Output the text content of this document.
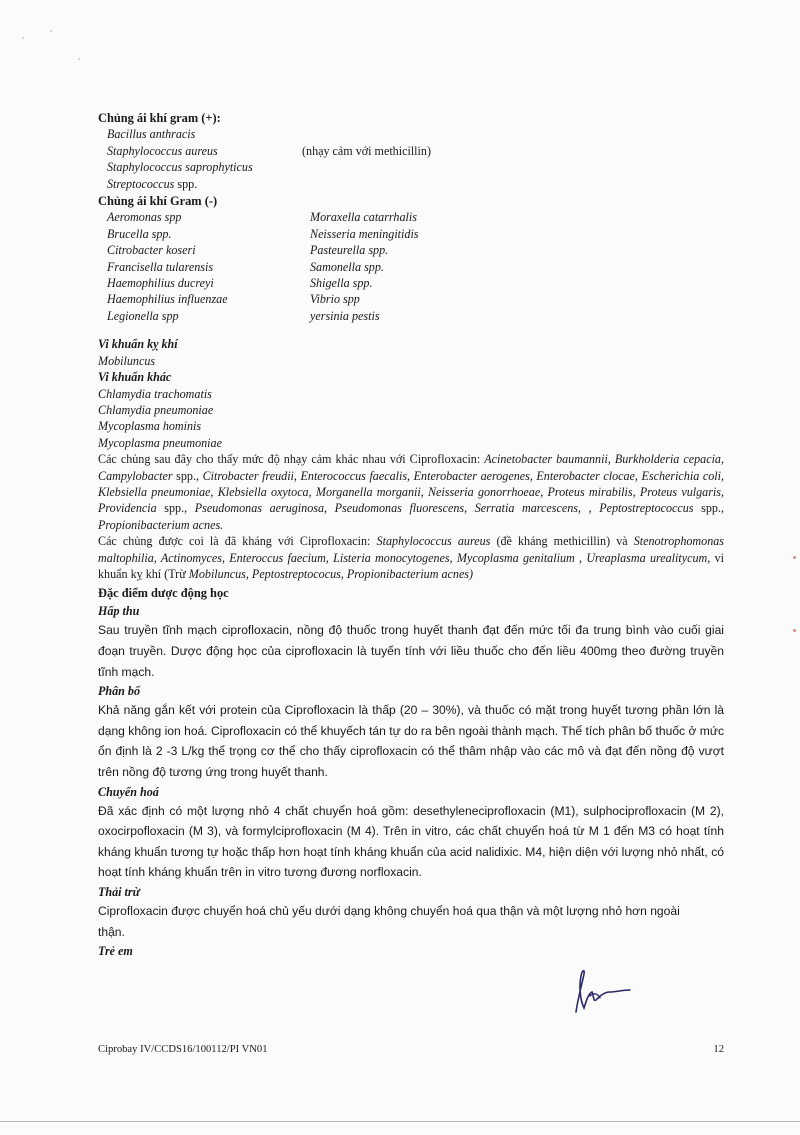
Chủng ái khí gram (+):
Bacillus anthracis
Staphylococcus aureus	(nhạy cảm với methicillin)
Staphylococcus saprophyticus
Streptococcus spp.
Chủng ái khí Gram (-)
Aeromonas spp
Brucella spp.
Citrobacter koseri
Francisella tularensis
Haemophilius ducreyi
Haemophilius influenzae
Legionella spp
Moraxella catarrhalis
Neisseria meningitidis
Pasteurella spp.
Samonella spp.
Shigella spp.
Vibrio spp
yersinia pestis
Vi khuẩn kỵ khí
Mobiluncus
Vi khuẩn khác
Chlamydia trachomatis
Chlamydia pneumoniae
Mycoplasma hominis
Mycoplasma pneumoniae
Các chủng sau đây cho thấy mức độ nhạy cảm khác nhau với Ciprofloxacin: Acinetobacter baumannii, Burkholderia cepacia, Campylobacter spp., Citrobacter freudii, Enterococcus faecalis, Enterobacter aerogenes, Enterobacter clocae, Escherichia coli, Klebsiella pneumoniae, Klebsiella oxytoca, Morganella morganii, Neisseria gonorrhoeae, Proteus mirabilis, Proteus vulgaris, Providencia spp., Pseudomonas aeruginosa, Pseudomonas fluorescens, Serratia marcescens, , Peptostreptococcus spp., Propionibacterium acnes.
Các chủng được coi là đã kháng với Ciprofloxacin: Staphylococcus aureus (đề kháng methicillin) và Stenotrophomonas maltophilia, Actinomyces, Enteroccus faecium, Listeria monocytogenes, Mycoplasma genitalium , Ureaplasma urealitycum, vi khuẩn kỵ khí (Trừ Mobiluncus, Peptostreptococus, Propionibacterium acnes)
Đặc điểm dược động học
Hấp thu
Sau truyền tĩnh mạch ciprofloxacin, nồng độ thuốc trong huyết thanh đạt đến mức tối đa trung bình vào cuối giai đoạn truyền. Dược động học của ciprofloxacin là tuyến tính với liều thuốc cho đến liều 400mg theo đường truyền tĩnh mạch.
Phân bố
Khả năng gắn kết với protein của Ciprofloxacin là thấp (20 – 30%), và thuốc có mặt trong huyết tương phần lớn là dạng không ion hoá. Ciprofloxacin có thể khuyếch tán tự do ra bên ngoài thành mạch. Thể tích phân bố thuốc ở mức ổn định là 2 -3 L/kg thể trọng cơ thể cho thấy ciprofloxacin có thể thâm nhập vào các mô và đạt đến nồng độ vượt trên nồng độ tương ứng trong huyết thanh.
Chuyển hoá
Đã xác định có một lượng nhỏ 4 chất chuyển hoá gồm: desethyleneciprofloxacin (M1), sulphociprofloxacin (M 2), oxocirpofloxacin (M 3), và formylciprofloxacin (M 4). Trên in vitro, các chất chuyển hoá từ M 1 đến M3 có hoạt tính kháng khuẩn tương tự hoặc thấp hơn hoạt tính kháng khuẩn của acid nalidixic. M4, hiện diện với lượng nhỏ nhất, có hoạt tính kháng khuẩn trên in vitro tương đương norfloxacin.
Thải trừ
Ciprofloxacin được chuyển hoá chủ yếu dưới dạng không chuyển hoá qua thận và một lượng nhỏ hơn ngoài thận.
Trẻ em
Ciprobay IV/CCDS16/100112/PI VN01	12
